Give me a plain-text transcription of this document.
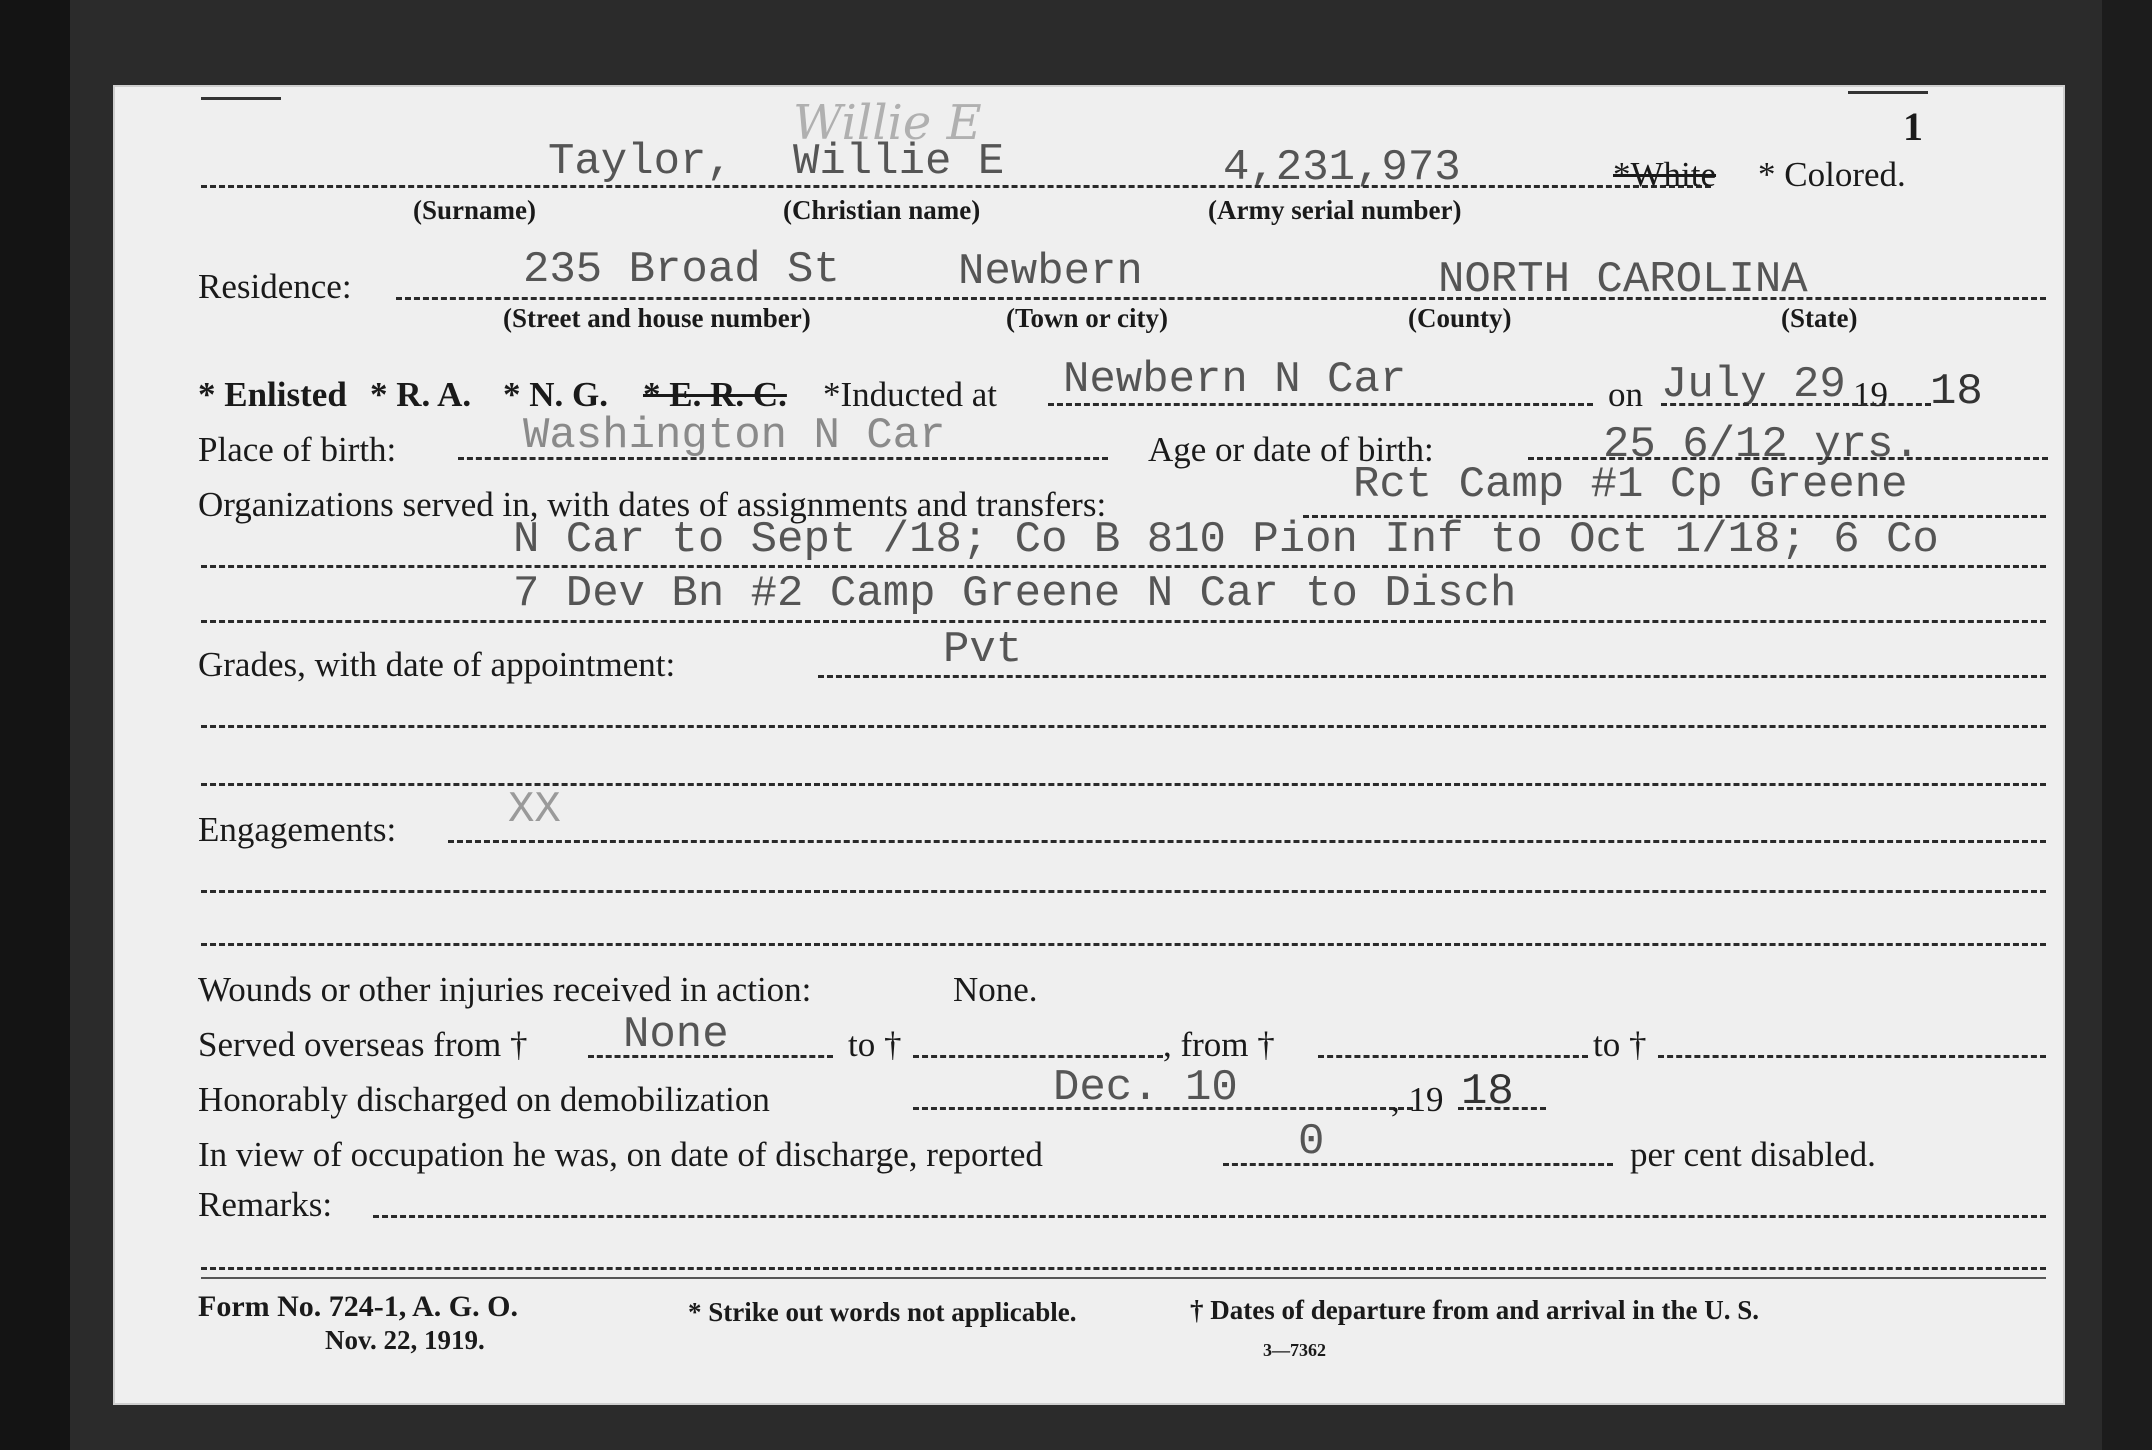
1
Willie E
Taylor, Willie E	4,231,973	*White * Colored.
(Surname)	(Christian name)	(Army serial number)
Residence:	235 Broad St	Newbern	NORTH CAROLINA
(Street and house number)	(Town or city)	(County)	(State)
* Enlisted * R. A. * N. G. * E. R. C. *Inducted at Newbern N Car	on July 29 19 18
Place of birth:	Washington N Car	Age or date of birth:	25 6/12 yrs.
Organizations served in, with dates of assignments and transfers:	Rct Camp #1 Cp Greene
N Car to Sept /18; Co B 810 Pion Inf to Oct 1/18; 6 Co
7 Dev Bn #2 Camp Greene N Car to Disch
Grades, with date of appointment:	Pvt
Engagements:	XX
Wounds or other injuries received in action:	None.
Served overseas from † None	to †	, from †	to †
Honorably discharged on demobilization	Dec. 10	, 19 18
In view of occupation he was, on date of discharge, reported	0	per cent disabled.
Remarks:
Form No. 724-1, A. G. O.
Nov. 22, 1919.
* Strike out words not applicable.	† Dates of departure from and arrival in the U. S.
3—7362
